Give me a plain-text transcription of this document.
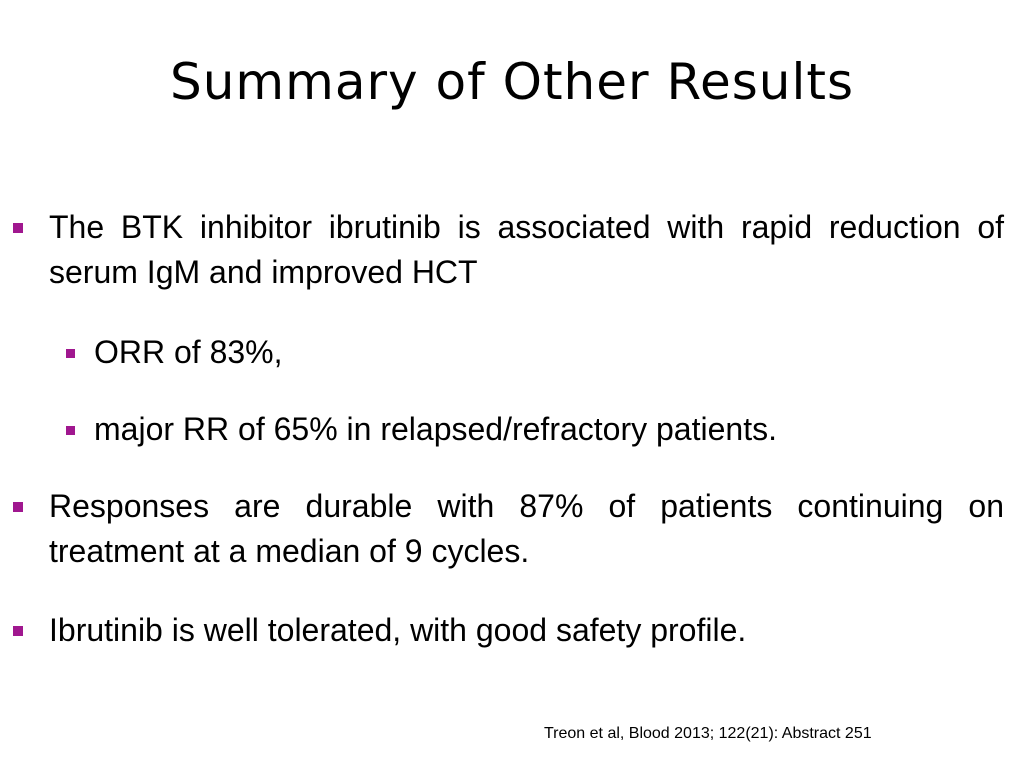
Summary of Other Results
The BTK inhibitor ibrutinib is associated with rapid reduction of serum IgM and improved HCT
ORR of 83%,
major RR of 65% in relapsed/refractory patients.
Responses are durable with 87% of patients continuing on treatment at a median of 9 cycles.
Ibrutinib is well tolerated, with good safety profile.
Treon et al, Blood 2013; 122(21): Abstract 251
